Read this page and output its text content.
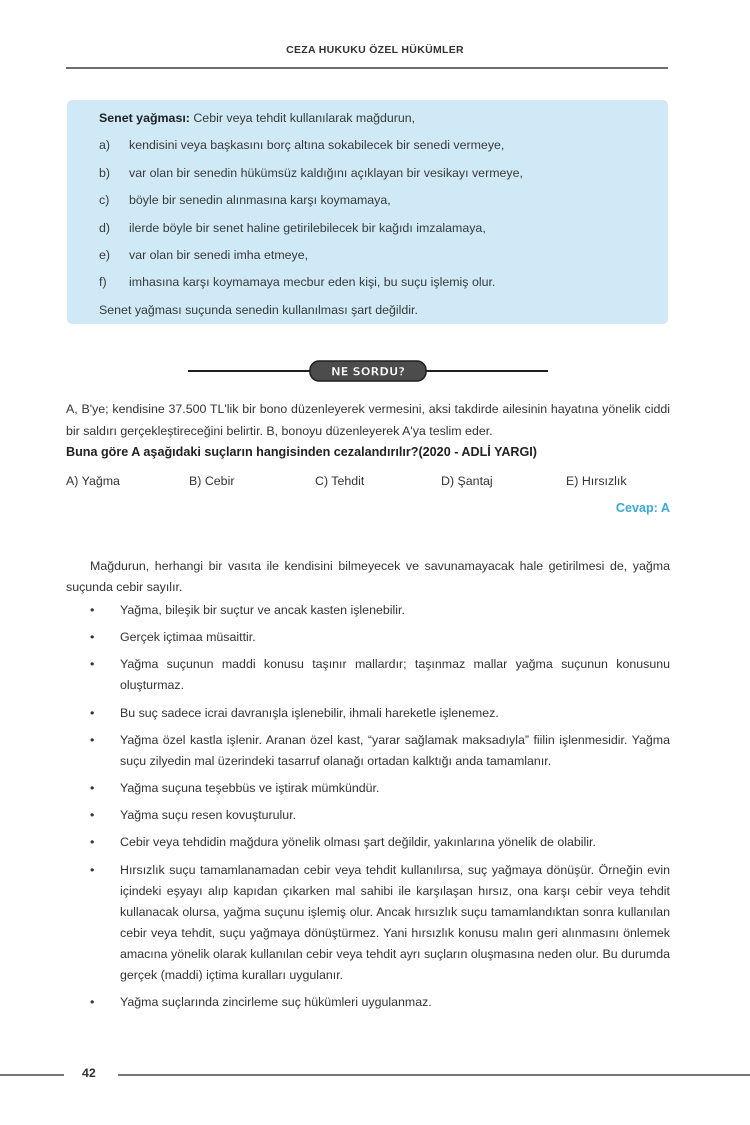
CEZA HUKUKU ÖZEL HÜKÜMLER
Senet yağması: Cebir veya tehdit kullanılarak mağdurun,
a) kendisini veya başkasını borç altına sokabilecek bir senedi vermeye,
b) var olan bir senedin hükümsüz kaldığını açıklayan bir vesikayı vermeye,
c) böyle bir senedin alınmasına karşı koymamaya,
d) ilerde böyle bir senet haline getirilebilecek bir kağıdı imzalamaya,
e) var olan bir senedi imha etmeye,
f) imhasına karşı koymamaya mecbur eden kişi, bu suçu işlemiş olur.
Senet yağması suçunda senedin kullanılması şart değildir.
NE SORDU?
A, B'ye; kendisine 37.500 TL'lik bir bono düzenleyerek vermesini, aksi takdirde ailesinin hayatına yönelik ciddi bir saldırı gerçekleştireceğini belirtir. B, bonoyu düzenleyerek A'ya teslim eder.
Buna göre A aşağıdaki suçların hangisinden cezalandırılır?(2020 - ADLİ YARGI)
A) Yağma	B) Cebir	C) Tehdit	D) Şantaj	E) Hırsızlık
Cevap: A
Mağdurun, herhangi bir vasıta ile kendisini bilmeyecek ve savunamayacak hale getirilmesi de, yağma suçunda cebir sayılır.
• Yağma, bileşik bir suçtur ve ancak kasten işlenebilir.
• Gerçek içtimaa müsaittir.
• Yağma suçunun maddi konusu taşınır mallardır; taşınmaz mallar yağma suçunun konusunu oluşturmaz.
• Bu suç sadece icrai davranışla işlenebilir, ihmali hareketle işlenemez.
• Yağma özel kastla işlenir. Aranan özel kast, “yarar sağlamak maksadıyla” fiilin işlenmesidir. Yağma suçu zilyedin mal üzerindeki tasarruf olanağı ortadan kalktığı anda tamamlanır.
• Yağma suçuna teşebbüs ve iştirak mümkündür.
• Yağma suçu resen kovuşturulur.
• Cebir veya tehdidin mağdura yönelik olması şart değildir, yakınlarına yönelik de olabilir.
• Hırsızlık suçu tamamlanamadan cebir veya tehdit kullanılırsa, suç yağmaya dönüşür. Örneğin evin içindeki eşyayı alıp kapıdan çıkarken mal sahibi ile karşılaşan hırsız, ona karşı cebir veya tehdit kullanacak olursa, yağma suçunu işlemiş olur. Ancak hırsızlık suçu tamamlandıktan sonra kullanılan cebir veya tehdit, suçu yağmaya dönüştürmez. Yani hırsızlık konusu malın geri alınmasını önlemek amacına yönelik olarak kullanılan cebir veya tehdit ayrı suçların oluşmasına neden olur. Bu durumda gerçek (maddi) içtima kuralları uygulanır.
• Yağma suçlarında zincirleme suç hükümleri uygulanmaz.
42
